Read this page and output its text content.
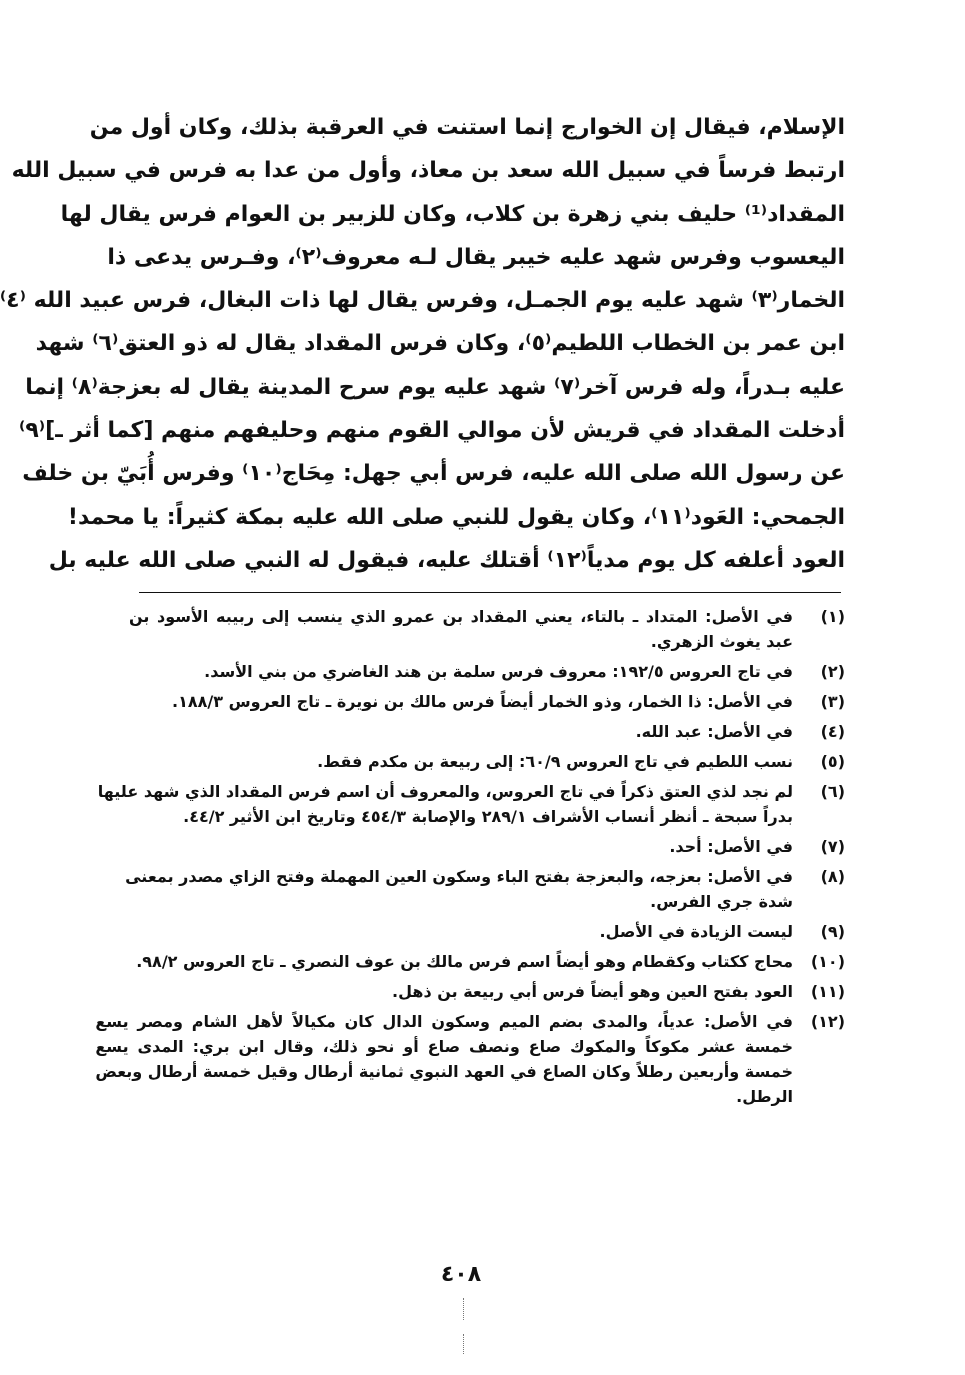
الإسلام، فيقال إن الخوارج إنما استنت في العرقبة بذلك، وكان أول من
ارتبط فرساً في سبيل الله سعد بن معاذ، وأول من عدا به فرس في سبيل الله
المقداد⁽¹⁾ حليف بني زهرة بن كلاب، وكان للزبير بن العوام فرس يقال لها
اليعسوب وفرس شهد عليه خيبر يقال لـه معروف⁽٢⁾، وفـرس يدعى ذا
الخمار⁽٣⁾ شهد عليه يوم الجمـل، وفرس يقال لها ذات البغال، فرس عبيد الله ⁽٤⁾
ابن عمر بن الخطاب اللطيم⁽٥⁾، وكان فرس المقداد يقال له ذو العتق⁽٦⁾ شهد
عليه بـدراً، وله فرس آخر⁽٧⁾ شهد عليه يوم سرح المدينة يقال له بعزجة⁽٨⁾ إنما
أدخلت المقداد في قريش لأن موالي القوم منهم وحليفهم منهم [كما أثر ـ]⁽٩⁾
عن رسول الله صلى الله عليه، فرس أبي جهل: مِحَاج⁽١٠⁾ وفرس أُبَيّ بن خلف
الجمحي: العَود⁽١١⁾، وكان يقول للنبي صلى الله عليه بمكة كثيراً: يا محمد!
العود أعلفه كل يوم مدياً⁽١٢⁾ أقتلك عليه، فيقول له النبي صلى الله عليه بل
(١)
في الأصل: المتداد ـ بالتاء، يعني المقداد بن عمرو الذي ينسب إلى ربيبه الأسود بن
عبد يغوث الزهري.
(٢)
في تاج العروس ١٩٢/٥: معروف فرس سلمة بن هند الغاضري من بني الأسد.
(٣)
في الأصل: ذا الخمار، وذو الخمار أيضاً فرس مالك بن نويرة ـ تاج العروس ١٨٨/٣.
(٤)
في الأصل: عبد الله.
(٥)
نسب اللطيم في تاج العروس ٦٠/٩: إلى ربيعة بن مكدم فقط.
(٦)
لم نجد لذي العتق ذكراً في تاج العروس، والمعروف أن اسم فرس المقداد الذي شهد عليها
بدراً سبحة ـ أنظر أنساب الأشراف ٢٨٩/١ والإصابة ٤٥٤/٣ وتاريخ ابن الأثير ٤٤/٢.
(٧)
في الأصل: أحد.
(٨)
في الأصل: بعزجه، والبعزجة بفتح الباء وسكون العين المهملة وفتح الزاي مصدر بمعنى
شدة جري الفرس.
(٩)
ليست الزيادة في الأصل.
(١٠)
محاج ككتاب وكقطام وهو أيضاً اسم فرس مالك بن عوف النصري ـ تاج العروس ٩٨/٢.
(١١)
العود بفتح العين وهو أيضاً فرس أبي ربيعة بن ذهل.
(١٢)
في الأصل: عدياً، والمدى بضم الميم وسكون الدال كان مكيالاً لأهل الشام ومصر يسع
خمسة عشر مكوكاً والمكوك صاع ونصف صاع أو نحو ذلك، وقال ابن بري: المدى يسع
خمسة وأربعين رطلاً وكان الصاع في العهد النبوي ثمانية أرطال وقيل خمسة أرطال وبعض
الرطل.
٤٠٨
